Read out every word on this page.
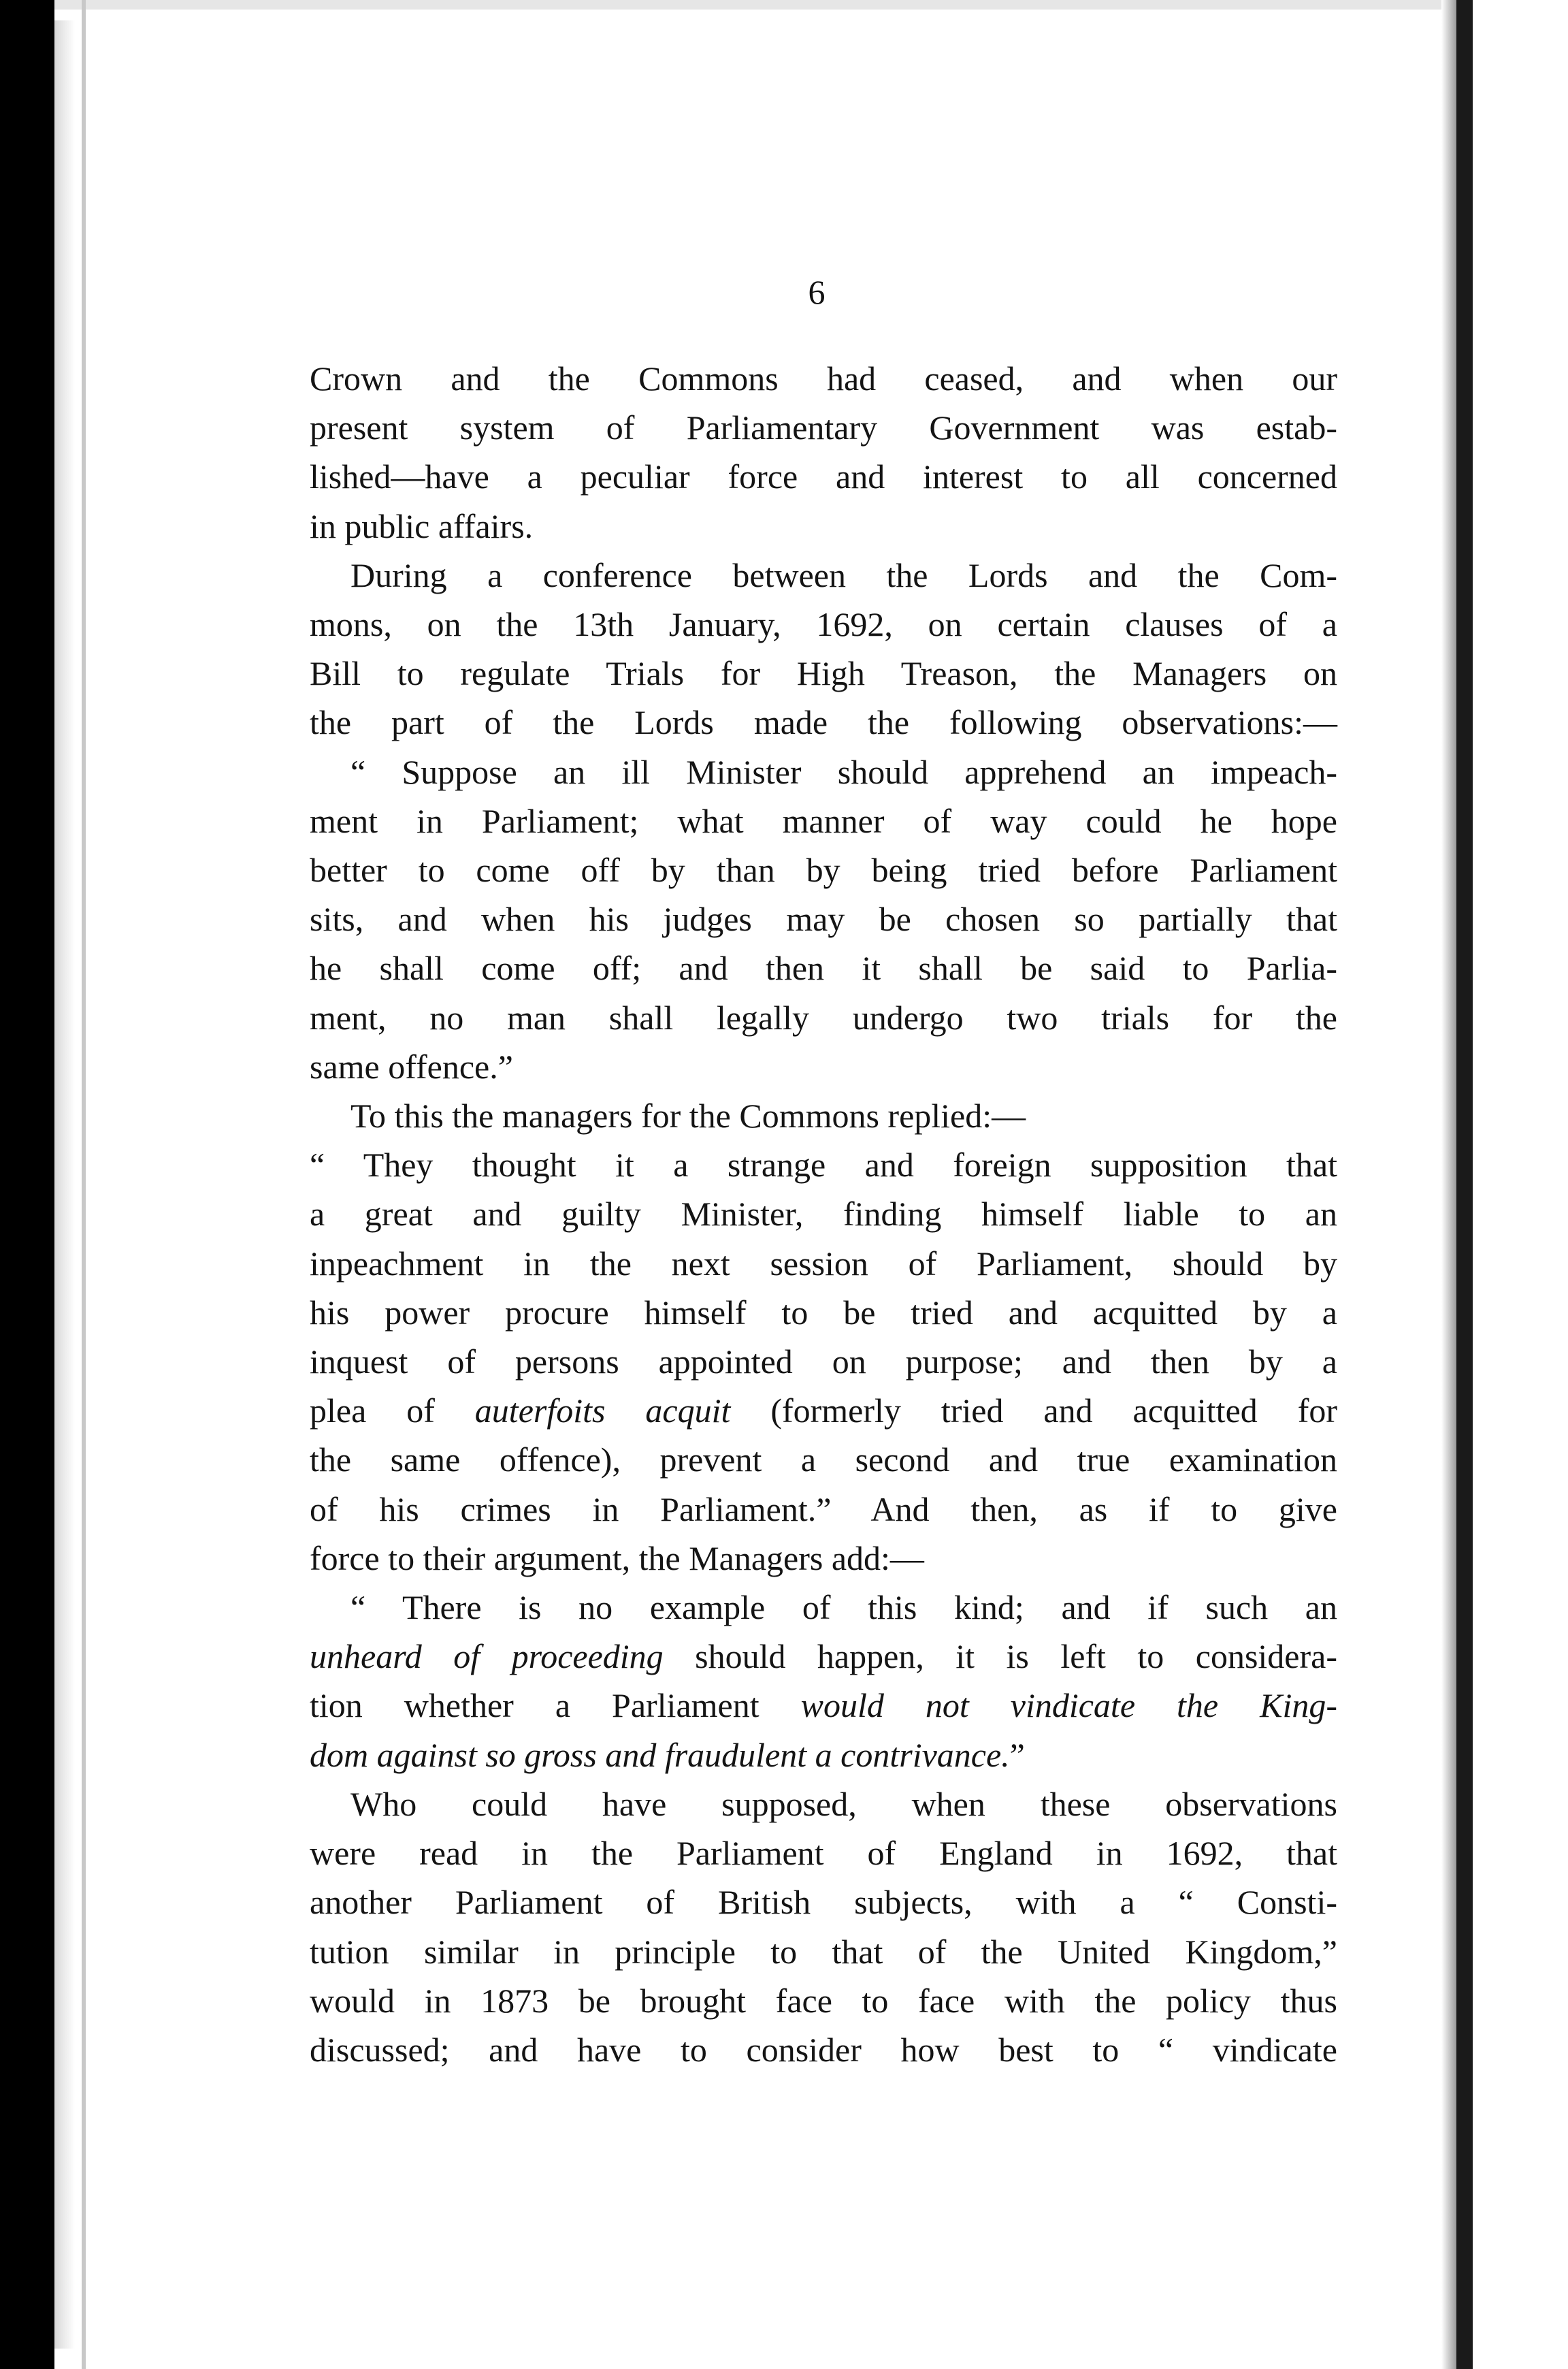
6
Crown and the Commons had ceased, and when our
present system of Parliamentary Government was estab-
lished—have a peculiar force and interest to all concerned
in public affairs.
During a conference between the Lords and the Com-
mons, on the 13th January, 1692, on certain clauses of a
Bill to regulate Trials for High Treason, the Managers on
the part of the Lords made the following observations:—
“ Suppose an ill Minister should apprehend an impeach-
ment in Parliament; what manner of way could he hope
better to come off by than by being tried before Parliament
sits, and when his judges may be chosen so partially that
he shall come off; and then it shall be said to Parlia-
ment, no man shall legally undergo two trials for the
same offence.”
To this the managers for the Commons replied:—
“ They thought it a strange and foreign supposition that
a great and guilty Minister, finding himself liable to an
inpeachment in the next session of Parliament, should by
his power procure himself to be tried and acquitted by a
inquest of persons appointed on purpose; and then by a
plea of auterfoits acquit (formerly tried and acquitted for
the same offence), prevent a second and true examination
of his crimes in Parliament.” And then, as if to give
force to their argument, the Managers add:—
“ There is no example of this kind; and if such an
unheard of proceeding should happen, it is left to considera-
tion whether a Parliament would not vindicate the King-
dom against so gross and fraudulent a contrivance.”
Who could have supposed, when these observations
were read in the Parliament of England in 1692, that
another Parliament of British subjects, with a “ Consti-
tution similar in principle to that of the United Kingdom,”
would in 1873 be brought face to face with the policy thus
discussed; and have to consider how best to “ vindicate
